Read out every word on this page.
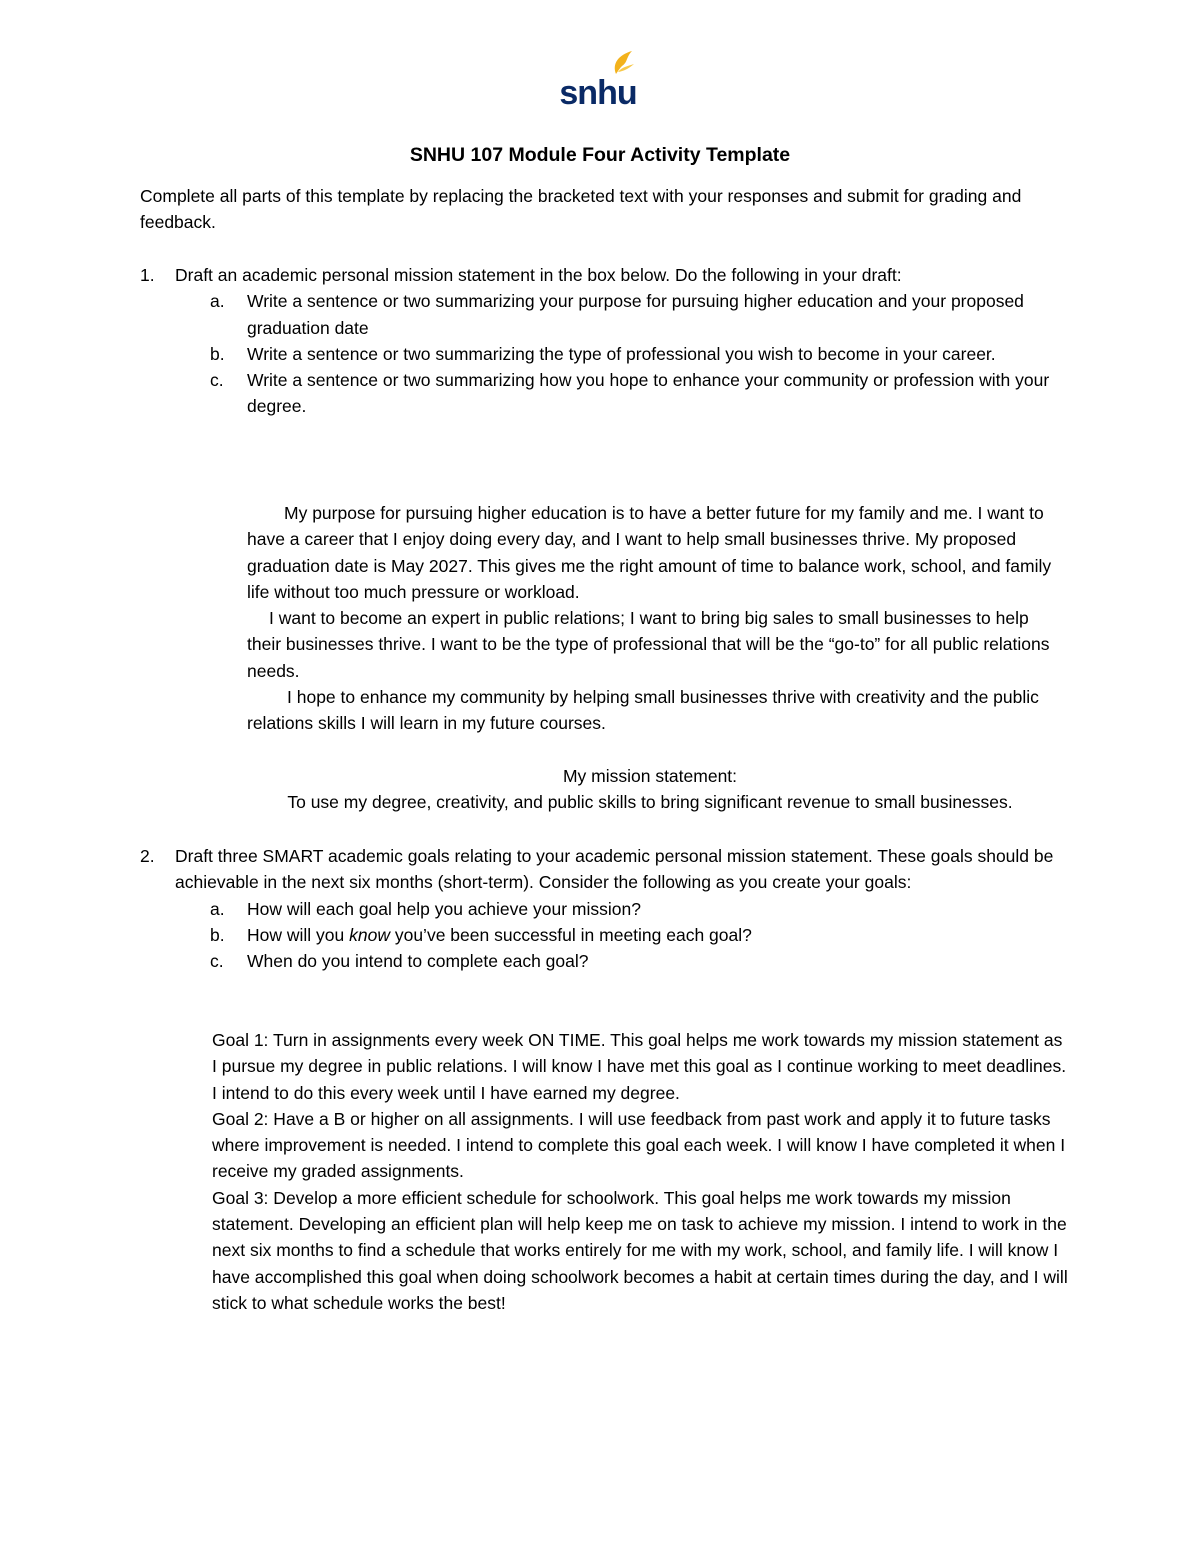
snhu
SNHU 107 Module Four Activity Template
Complete all parts of this template by replacing the bracketed text with your responses and submit for grading and feedback.
1.	Draft an academic personal mission statement in the box below. Do the following in your draft:
a. Write a sentence or two summarizing your purpose for pursuing higher education and your proposed graduation date
b. Write a sentence or two summarizing the type of professional you wish to become in your career.
c. Write a sentence or two summarizing how you hope to enhance your community or profession with your degree.

My purpose for pursuing higher education is to have a better future for my family and me. I want to have a career that I enjoy doing every day, and I want to help small businesses thrive. My proposed graduation date is May 2027. This gives me the right amount of time to balance work, school, and family life without too much pressure or workload.

I want to become an expert in public relations; I want to bring big sales to small businesses to help their businesses thrive. I want to be the type of professional that will be the “go-to” for all public relations needs.

I hope to enhance my community by helping small businesses thrive with creativity and the public relations skills I will learn in my future courses.

My mission statement:
To use my degree, creativity, and public skills to bring significant revenue to small businesses.
2.	Draft three SMART academic goals relating to your academic personal mission statement. These goals should be achievable in the next six months (short-term). Consider the following as you create your goals:
a. How will each goal help you achieve your mission?
b. How will you know you’ve been successful in meeting each goal?
c. When do you intend to complete each goal?

Goal 1: Turn in assignments every week ON TIME. This goal helps me work towards my mission statement as I pursue my degree in public relations. I will know I have met this goal as I continue working to meet deadlines. I intend to do this every week until I have earned my degree.

Goal 2: Have a B or higher on all assignments. I will use feedback from past work and apply it to future tasks where improvement is needed. I intend to complete this goal each week. I will know I have completed it when I receive my graded assignments.

Goal 3: Develop a more efficient schedule for schoolwork. This goal helps me work towards my mission statement. Developing an efficient plan will help keep me on task to achieve my mission. I intend to work in the next six months to find a schedule that works entirely for me with my work, school, and family life. I will know I have accomplished this goal when doing schoolwork becomes a habit at certain times during the day, and I will stick to what schedule works the best!
